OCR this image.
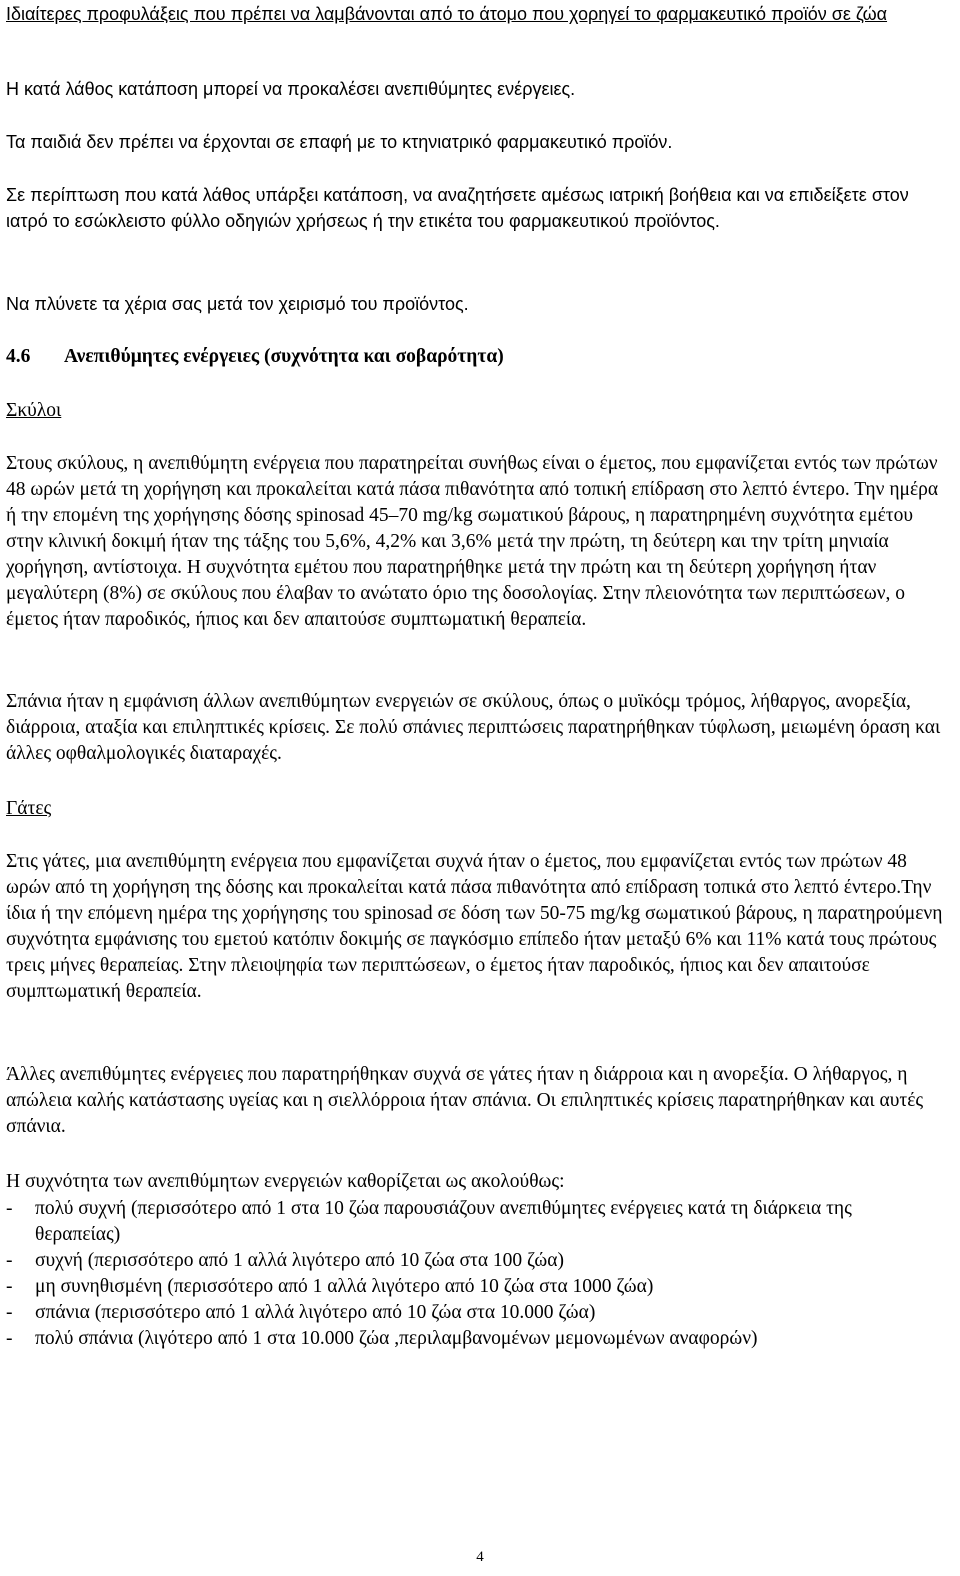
Ιδιαίτερες προφυλάξεις που πρέπει να λαμβάνονται από το άτομο που χορηγεί το φαρμακευτικό προϊόν σε ζώα

Η κατά λάθος κατάποση μπορεί να προκαλέσει ανεπιθύμητες ενέργειες.

Τα παιδιά δεν πρέπει να έρχονται σε επαφή με το κτηνιατρικό φαρμακευτικό προϊόν.

Σε περίπτωση που κατά λάθος υπάρξει κατάποση, να αναζητήσετε αμέσως ιατρική βοήθεια και να επιδείξετε στον ιατρό το εσώκλειστο φύλλο οδηγιών χρήσεως ή την ετικέτα του φαρμακευτικού προϊόντος.

Να πλύνετε τα χέρια σας μετά τον χειρισμό του προϊόντος.

4.6 Ανεπιθύμητες ενέργειες (συχνότητα και σοβαρότητα)

Σκύλοι

Στους σκύλους, η ανεπιθύμητη ενέργεια που παρατηρείται συνήθως είναι ο έμετος, που εμφανίζεται εντός των πρώτων 48 ωρών μετά τη χορήγηση και προκαλείται κατά πάσα πιθανότητα από τοπική επίδραση στο λεπτό έντερο. Την ημέρα ή την επομένη της χορήγησης δόσης spinosad 45–70 mg/kg σωματικού βάρους, η παρατηρημένη συχνότητα εμέτου στην κλινική δοκιμή ήταν της τάξης του 5,6%, 4,2% και 3,6% μετά την πρώτη, τη δεύτερη και την τρίτη μηνιαία χορήγηση, αντίστοιχα. Η συχνότητα εμέτου που παρατηρήθηκε μετά την πρώτη και τη δεύτερη χορήγηση ήταν μεγαλύτερη (8%) σε σκύλους που έλαβαν το ανώτατο όριο της δοσολογίας. Στην πλειονότητα των περιπτώσεων, ο έμετος ήταν παροδικός, ήπιος και δεν απαιτούσε συμπτωματική θεραπεία.

Σπάνια ήταν η εμφάνιση άλλων ανεπιθύμητων ενεργειών σε σκύλους, όπως ο μυϊκόςμ τρόμος, λήθαργος, ανορεξία, διάρροια, αταξία και επιληπτικές κρίσεις. Σε πολύ σπάνιες περιπτώσεις παρατηρήθηκαν τύφλωση, μειωμένη όραση και άλλες οφθαλμολογικές διαταραχές.

Γάτες

Στις γάτες, μια ανεπιθύμητη ενέργεια που εμφανίζεται συχνά ήταν ο έμετος, που εμφανίζεται εντός των πρώτων 48 ωρών από τη χορήγηση της δόσης και προκαλείται κατά πάσα πιθανότητα από επίδραση τοπικά στο λεπτό έντερο.Την ίδια ή την επόμενη ημέρα της χορήγησης του spinosad σε δόση των 50-75 mg/kg σωματικού βάρους, η παρατηρούμενη συχνότητα εμφάνισης του εμετού κατόπιν δοκιμής σε παγκόσμιο επίπεδο ήταν μεταξύ 6% και 11% κατά τους πρώτους τρεις μήνες θεραπείας. Στην πλειοψηφία των περιπτώσεων, ο έμετος ήταν παροδικός, ήπιος και δεν απαιτούσε συμπτωματική θεραπεία.

Άλλες ανεπιθύμητες ενέργειες που παρατηρήθηκαν συχνά σε γάτες ήταν η διάρροια και η ανορεξία. Ο λήθαργος, η απώλεια καλής κατάστασης υγείας και η σιελλόρροια ήταν σπάνια. Οι επιληπτικές κρίσεις παρατηρήθηκαν και αυτές σπάνια.

Η συχνότητα των ανεπιθύμητων ενεργειών καθορίζεται ως ακολούθως:

- πολύ συχνή (περισσότερο από 1 στα 10 ζώα παρουσιάζουν ανεπιθύμητες ενέργειες κατά τη διάρκεια της θεραπείας)
- συχνή (περισσότερο από 1 αλλά λιγότερο από 10 ζώα στα 100 ζώα)
- μη συνηθισμένη (περισσότερο από 1 αλλά λιγότερο από 10 ζώα στα 1000 ζώα)
- σπάνια (περισσότερο από 1 αλλά λιγότερο από 10 ζώα στα 10.000 ζώα)
- πολύ σπάνια (λιγότερο από 1 στα 10.000 ζώα ,περιλαμβανομένων μεμονωμένων αναφορών)
4
